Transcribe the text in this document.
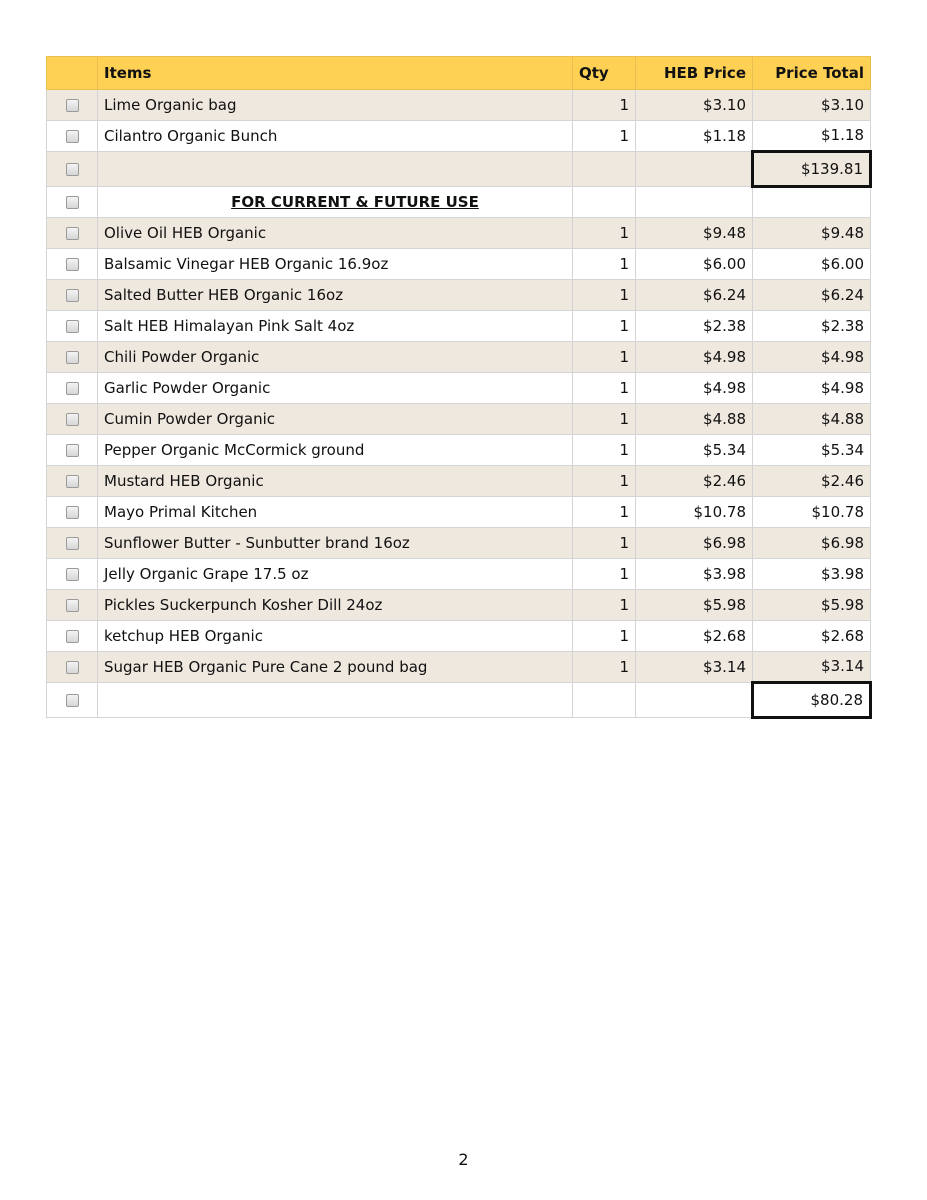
	Items	Qty	HEB Price	Price Total
	Lime Organic bag	1	$3.10	$3.10
	Cilantro Organic Bunch	1	$1.18	$1.18
				$139.81

	FOR CURRENT & FUTURE USE			

	Olive Oil HEB Organic	1	$9.48	$9.48
	Balsamic Vinegar HEB Organic 16.9oz	1	$6.00	$6.00
	Salted Butter HEB Organic 16oz	1	$6.24	$6.24
	Salt HEB Himalayan Pink Salt 4oz	1	$2.38	$2.38
	Chili Powder Organic	1	$4.98	$4.98
	Garlic Powder Organic	1	$4.98	$4.98
	Cumin Powder Organic	1	$4.88	$4.88
	Pepper Organic McCormick ground	1	$5.34	$5.34
	Mustard HEB Organic	1	$2.46	$2.46
	Mayo Primal Kitchen	1	$10.78	$10.78
	Sunflower Butter - Sunbutter brand 16oz	1	$6.98	$6.98
	Jelly Organic Grape 17.5 oz	1	$3.98	$3.98
	Pickles Suckerpunch Kosher Dill 24oz	1	$5.98	$5.98
	ketchup HEB Organic	1	$2.68	$2.68
	Sugar HEB Organic Pure Cane 2 pound bag	1	$3.14	$3.14
				$80.28
2
